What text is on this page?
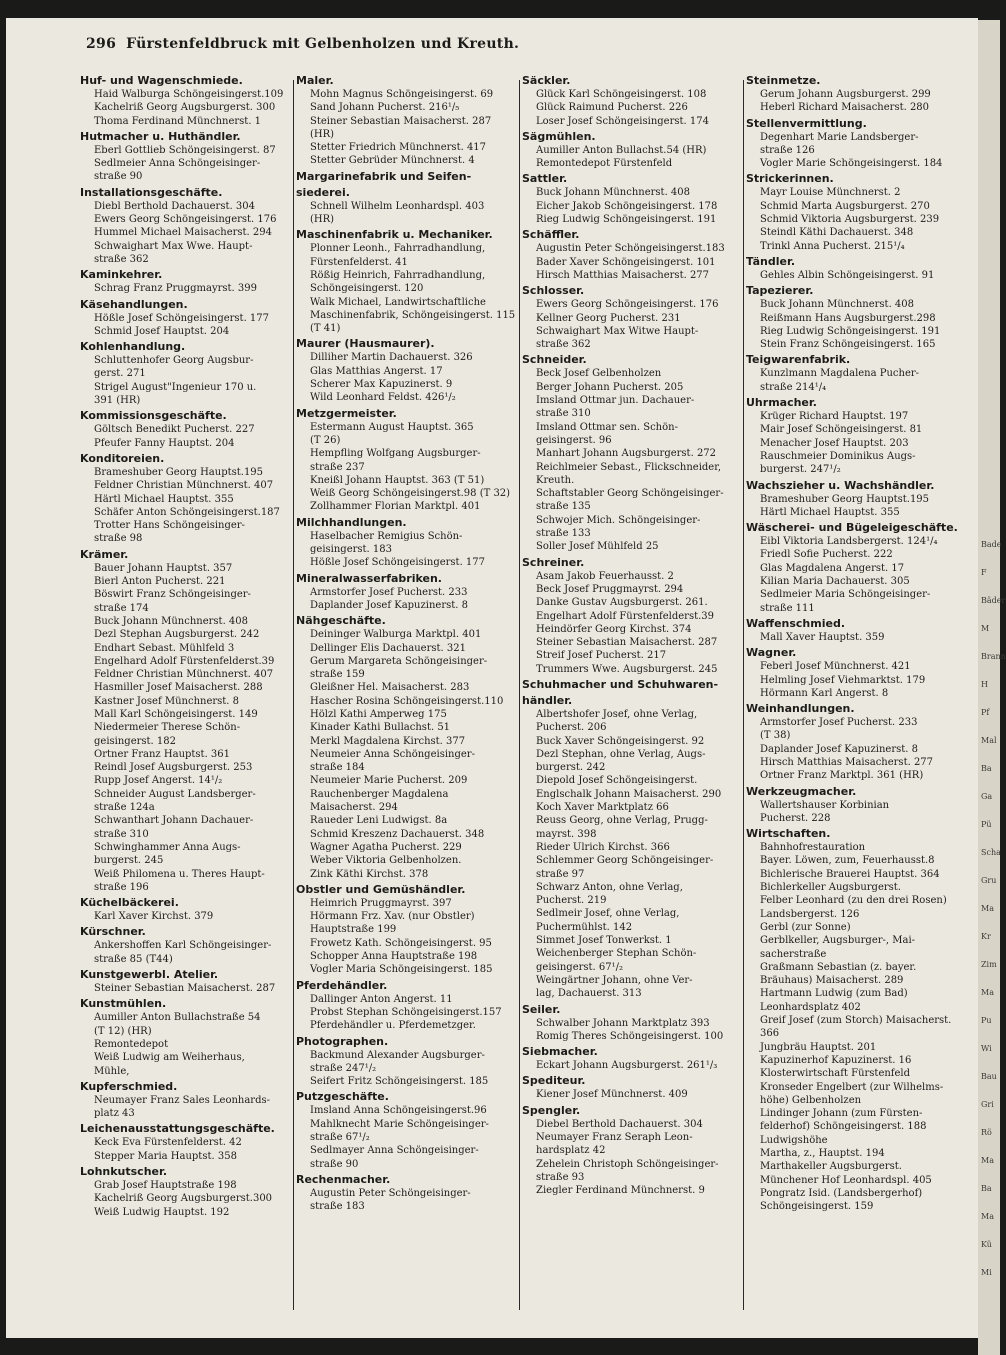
296 Fürstenfeldbruck mit Gelbenholzen und Kreuth.
Huf- und Wagenschmiede.
Haid Walburga Schöngeisingerst.109
Kachelriß Georg Augsburgerst. 300
Thoma Ferdinand Münchnerst. 1
Hutmacher u. Huthändler.
Eberl Gottlieb Schöngeisingerst. 87
Sedlmeier Anna Schöngeisinger-
straße 90
Installationsgeschäfte.
Diebl Berthold Dachauerst. 304
Ewers Georg Schöngeisingerst. 176
Hummel Michael Maisacherst. 294
Schwaighart Max Wwe. Haupt-
straße 362
Kaminkehrer.
Schrag Franz Pruggmayrst. 399
Käsehandlungen.
Hößle Josef Schöngeisingerst. 177
Schmid Josef Hauptst. 204
Kohlenhandlung.
Schluttenhofer Georg Augsbur-
gerst. 271
Strigel August"Ingenieur 170 u.
391 (HR)
Kommissionsgeschäfte.
Göltsch Benedikt Pucherst. 227
Pfeufer Fanny Hauptst. 204
Konditoreien.
Brameshuber Georg Hauptst.195
Feldner Christian Münchnerst. 407
Härtl Michael Hauptst. 355
Schäfer Anton Schöngeisingerst.187
Trotter Hans Schöngeisinger-
straße 98
Krämer.
Bauer Johann Hauptst. 357
Bierl Anton Pucherst. 221
Böswirt Franz Schöngeisinger-
straße 174
Buck Johann Münchnerst. 408
Dezl Stephan Augsburgerst. 242
Endhart Sebast. Mühlfeld 3
Engelhard Adolf Fürstenfelderst.39
Feldner Christian Münchnerst. 407
Hasmiller Josef Maisacherst. 288
Kastner Josef Münchnerst. 8
Mall Karl Schöngeisingerst. 149
Niedermeier Therese Schön-
geisingerst. 182
Ortner Franz Hauptst. 361
Reindl Josef Augsburgerst. 253
Rupp Josef Angerst. 14¹/₂
Schneider August Landsberger-
straße 124a
Schwanthart Johann Dachauer-
straße 310
Schwinghammer Anna Augs-
burgerst. 245
Weiß Philomena u. Theres Haupt-
straße 196
Küchelbäckerei.
Karl Xaver Kirchst. 379
Kürschner.
Ankershoffen Karl Schöngeisinger-
straße 85 (T44)
Kunstgewerbl. Atelier.
Steiner Sebastian Maisacherst. 287
Kunstmühlen.
Aumiller Anton Bullachstraße 54
(T 12) (HR)
Remontedepot
Weiß Ludwig am Weiherhaus,
Mühle,
Kupferschmied.
Neumayer Franz Sales Leonhards-
platz 43
Leichenausstattungsgeschäfte.
Keck Eva Fürstenfelderst. 42
Stepper Maria Hauptst. 358
Lohnkutscher.
Grab Josef Hauptstraße 198
Kachelriß Georg Augsburgerst.300
Weiß Ludwig Hauptst. 192
Maler.
Mohn Magnus Schöngeisingerst. 69
Sand Johann Pucherst. 216¹/₅
Steiner Sebastian Maisacherst. 287
(HR)
Stetter Friedrich Münchnerst. 417
Stetter Gebrüder Münchnerst. 4
Margarinefabrik und Seifen-
siederei.
Schnell Wilhelm Leonhardspl. 403
(HR)
Maschinenfabrik u. Mechaniker.
Plonner Leonh., Fahrradhandlung,
Fürstenfelderst. 41
Rößig Heinrich, Fahrradhandlung,
Schöngeisingerst. 120
Walk Michael, Landwirtschaftliche
Maschinenfabrik, Schöngeisingerst. 115
(T 41)
Maurer (Hausmaurer).
Dilliher Martin Dachauerst. 326
Glas Matthias Angerst. 17
Scherer Max Kapuzinerst. 9
Wild Leonhard Feldst. 426¹/₂
Metzgermeister.
Estermann August Hauptst. 365
(T 26)
Hempfling Wolfgang Augsburger-
straße 237
Kneißl Johann Hauptst. 363 (T 51)
Weiß Georg Schöngeisingerst.98 (T 32)
Zollhammer Florian Marktpl. 401
Milchhandlungen.
Haselbacher Remigius Schön-
geisingerst. 183
Hößle Josef Schöngeisingerst. 177
Mineralwasserfabriken.
Armstorfer Josef Pucherst. 233
Daplander Josef Kapuzinerst. 8
Nähgeschäfte.
Deininger Walburga Marktpl. 401
Dellinger Elis Dachauerst. 321
Gerum Margareta Schöngeisinger-
straße 159
Gleißner Hel. Maisacherst. 283
Hascher Rosina Schöngeisingerst.110
Hölzl Kathi Amperweg 175
Kinader Kathi Bullachst. 51
Merkl Magdalena Kirchst. 377
Neumeier Anna Schöngeisinger-
straße 184
Neumeier Marie Pucherst. 209
Rauchenberger Magdalena
Maisacherst. 294
Raueder Leni Ludwigst. 8a
Schmid Kreszenz Dachauerst. 348
Wagner Agatha Pucherst. 229
Weber Viktoria Gelbenholzen.
Zink Käthi Kirchst. 378
Obstler und Gemüshändler.
Heimrich Pruggmayrst. 397
Hörmann Frz. Xav. (nur Obstler)
Hauptstraße 199
Frowetz Kath. Schöngeisingerst. 95
Schopper Anna Hauptstraße 198
Vogler Maria Schöngeisingerst. 185
Pferdehändler.
Dallinger Anton Angerst. 11
Probst Stephan Schöngeisingerst.157
Pferdehändler u. Pferdemetzger.
Photographen.
Backmund Alexander Augsburger-
straße 247¹/₂
Seifert Fritz Schöngeisingerst. 185
Putzgeschäfte.
Imsland Anna Schöngeisingerst.96
Mahlknecht Marie Schöngeisinger-
straße 67¹/₂
Sedlmayer Anna Schöngeisinger-
straße 90
Rechenmacher.
Augustin Peter Schöngeisinger-
straße 183
Säckler.
Glück Karl Schöngeisingerst. 108
Glück Raimund Pucherst. 226
Loser Josef Schöngeisingerst. 174
Sägmühlen.
Aumiller Anton Bullachst.54 (HR)
Remontedepot Fürstenfeld
Sattler.
Buck Johann Münchnerst. 408
Eicher Jakob Schöngeisingerst. 178
Rieg Ludwig Schöngeisingerst. 191
Schäffler.
Augustin Peter Schöngeisingerst.183
Bader Xaver Schöngeisingerst. 101
Hirsch Matthias Maisacherst. 277
Schlosser.
Ewers Georg Schöngeisingerst. 176
Kellner Georg Pucherst. 231
Schwaighart Max Witwe Haupt-
straße 362
Schneider.
Beck Josef Gelbenholzen
Berger Johann Pucherst. 205
Imsland Ottmar jun. Dachauer-
straße 310
Imsland Ottmar sen. Schön-
geisingerst. 96
Manhart Johann Augsburgerst. 272
Reichlmeier Sebast., Flickschneider,
Kreuth.
Schaftstabler Georg Schöngeisinger-
straße 135
Schwojer Mich. Schöngeisinger-
straße 133
Soller Josef Mühlfeld 25
Schreiner.
Asam Jakob Feuerhausst. 2
Beck Josef Pruggmayrst. 294
Danke Gustav Augsburgerst. 261.
Engelhart Adolf Fürstenfelderst.39
Heindörfer Georg Kirchst. 374
Steiner Sebastian Maisacherst. 287
Streif Josef Pucherst. 217
Trummers Wwe. Augsburgerst. 245
Schuhmacher und Schuhwaren-
händler.
Albertshofer Josef, ohne Verlag,
Pucherst. 206
Buck Xaver Schöngeisingerst. 92
Dezl Stephan, ohne Verlag, Augs-
burgerst. 242
Diepold Josef Schöngeisingerst.
Englschalk Johann Maisacherst. 290
Koch Xaver Marktplatz 66
Reuss Georg, ohne Verlag, Prugg-
mayrst. 398
Rieder Ulrich Kirchst. 366
Schlemmer Georg Schöngeisinger-
straße 97
Schwarz Anton, ohne Verlag,
Pucherst. 219
Sedlmeir Josef, ohne Verlag,
Puchermühlst. 142
Simmet Josef Tonwerkst. 1
Weichenberger Stephan Schön-
geisingerst. 67¹/₂
Weingärtner Johann, ohne Ver-
lag, Dachauerst. 313
Seiler.
Schwalber Johann Marktplatz 393
Romig Theres Schöngeisingerst. 100
Siebmacher.
Eckart Johann Augsburgerst. 261¹/₃
Spediteur.
Kiener Josef Münchnerst. 409
Spengler.
Diebel Berthold Dachauerst. 304
Neumayer Franz Seraph Leon-
hardsplatz 42
Zehelein Christoph Schöngeisinger-
straße 93
Ziegler Ferdinand Münchnerst. 9
Steinmetze.
Gerum Johann Augsburgerst. 299
Heberl Richard Maisacherst. 280
Stellenvermittlung.
Degenhart Marie Landsberger-
straße 126
Vogler Marie Schöngeisingerst. 184
Strickerinnen.
Mayr Louise Münchnerst. 2
Schmid Marta Augsburgerst. 270
Schmid Viktoria Augsburgerst. 239
Steindl Käthi Dachauerst. 348
Trinkl Anna Pucherst. 215¹/₄
Tändler.
Gehles Albin Schöngeisingerst. 91
Tapezierer.
Buck Johann Münchnerst. 408
Reißmann Hans Augsburgerst.298
Rieg Ludwig Schöngeisingerst. 191
Stein Franz Schöngeisingerst. 165
Teigwarenfabrik.
Kunzlmann Magdalena Pucher-
straße 214¹/₄
Uhrmacher.
Krüger Richard Hauptst. 197
Mair Josef Schöngeisingerst. 81
Menacher Josef Hauptst. 203
Rauschmeier Dominikus Augs-
burgerst. 247¹/₂
Wachszieher u. Wachshändler.
Brameshuber Georg Hauptst.195
Härtl Michael Hauptst. 355
Wäscherei- und Bügeleigeschäfte.
Eibl Viktoria Landsbergerst. 124¹/₄
Friedl Sofie Pucherst. 222
Glas Magdalena Angerst. 17
Kilian Maria Dachauerst. 305
Sedlmeier Maria Schöngeisinger-
straße 111
Waffenschmied.
Mall Xaver Hauptst. 359
Wagner.
Feberl Josef Münchnerst. 421
Helmling Josef Viehmarktst. 179
Hörmann Karl Angerst. 8
Weinhandlungen.
Armstorfer Josef Pucherst. 233
(T 38)
Daplander Josef Kapuzinerst. 8
Hirsch Matthias Maisacherst. 277
Ortner Franz Marktpl. 361 (HR)
Werkzeugmacher.
Wallertshauser Korbinian
Pucherst. 228
Wirtschaften.
Bahnhofrestauration
Bayer. Löwen, zum, Feuerhausst.8
Bichlerische Brauerei Hauptst. 364
Bichlerkeller Augsburgerst.
Felber Leonhard (zu den drei Rosen)
Landsbergerst. 126
Gerbl (zur Sonne)
Gerblkeller, Augsburger-, Mai-
sacherstraße
Graßmann Sebastian (z. bayer.
Bräuhaus) Maisacherst. 289
Hartmann Ludwig (zum Bad)
Leonhardsplatz 402
Greif Josef (zum Storch) Maisacherst.
366
Jungbräu Hauptst. 201
Kapuzinerhof Kapuzinerst. 16
Klosterwirtschaft Fürstenfeld
Kronseder Engelbert (zur Wilhelms-
höhe) Gelbenholzen
Lindinger Johann (zum Fürsten-
felderhof) Schöngeisingerst. 188
Ludwigshöhe
Martha, z., Hauptst. 194
Marthakeller Augsburgerst.
Münchener Hof Leonhardspl. 405
Pongratz Isid. (Landsbergerhof)
Schöngeisingerst. 159
Bade
F
Bäder
M
Brann
H
Pf
Mal
Ba
Ga
Pü
Scha
Gru
Ma
Kr
Zim
Ma
Pu
Wi
Bau
Gri
Rö
Ma
Ba
Ma
Kü
Mi
